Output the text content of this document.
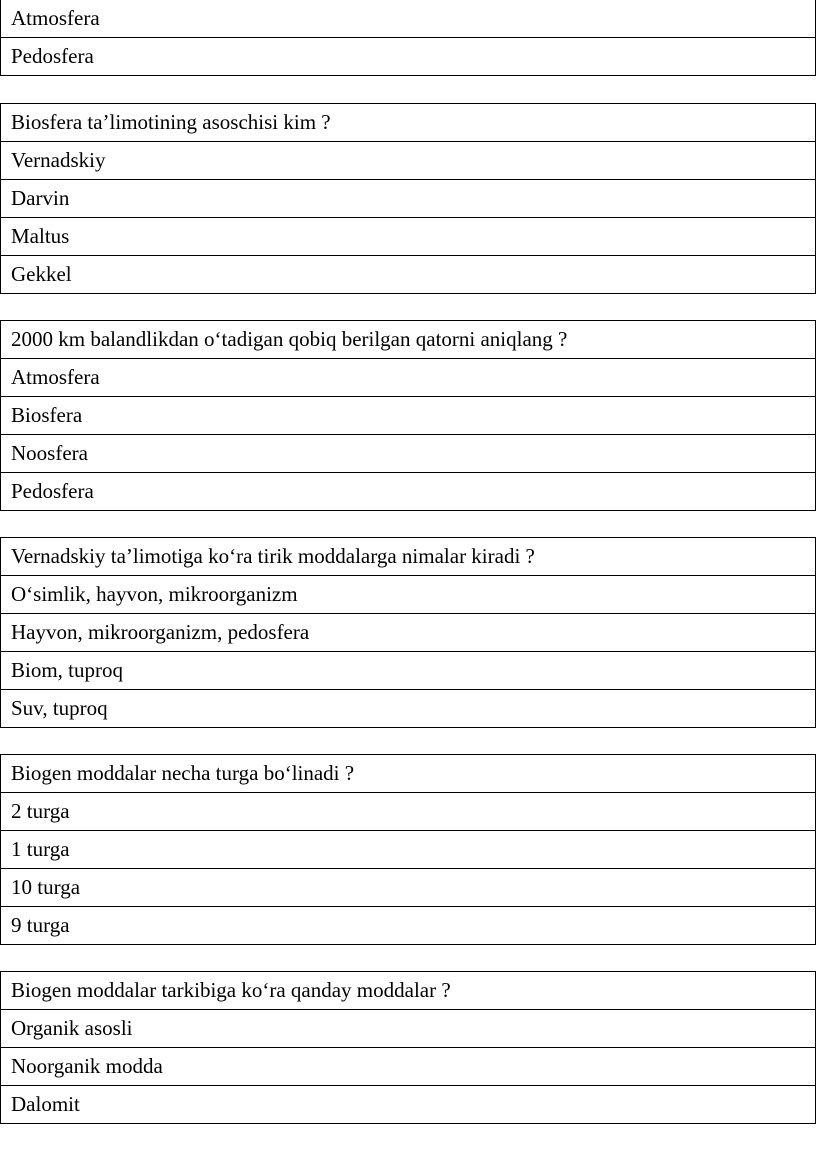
Atmosfera
Pedosfera
Biosfera ta’limotining asoschisi kim ?
Vernadskiy
Darvin
Maltus
Gekkel
2000 km balandlikdan o‘tadigan qobiq berilgan qatorni aniqlang ?
Atmosfera
Biosfera
Noosfera
Pedosfera
Vernadskiy ta’limotiga ko‘ra tirik moddalarga nimalar kiradi ?
O‘simlik, hayvon, mikroorganizm
Hayvon, mikroorganizm, pedosfera
Biom, tuproq
Suv, tuproq
Biogen moddalar necha turga bo‘linadi ?
2 turga
1 turga
10 turga
9 turga
Biogen moddalar tarkibiga ko‘ra qanday moddalar ?
Organik asosli
Noorganik modda
Dalomit
